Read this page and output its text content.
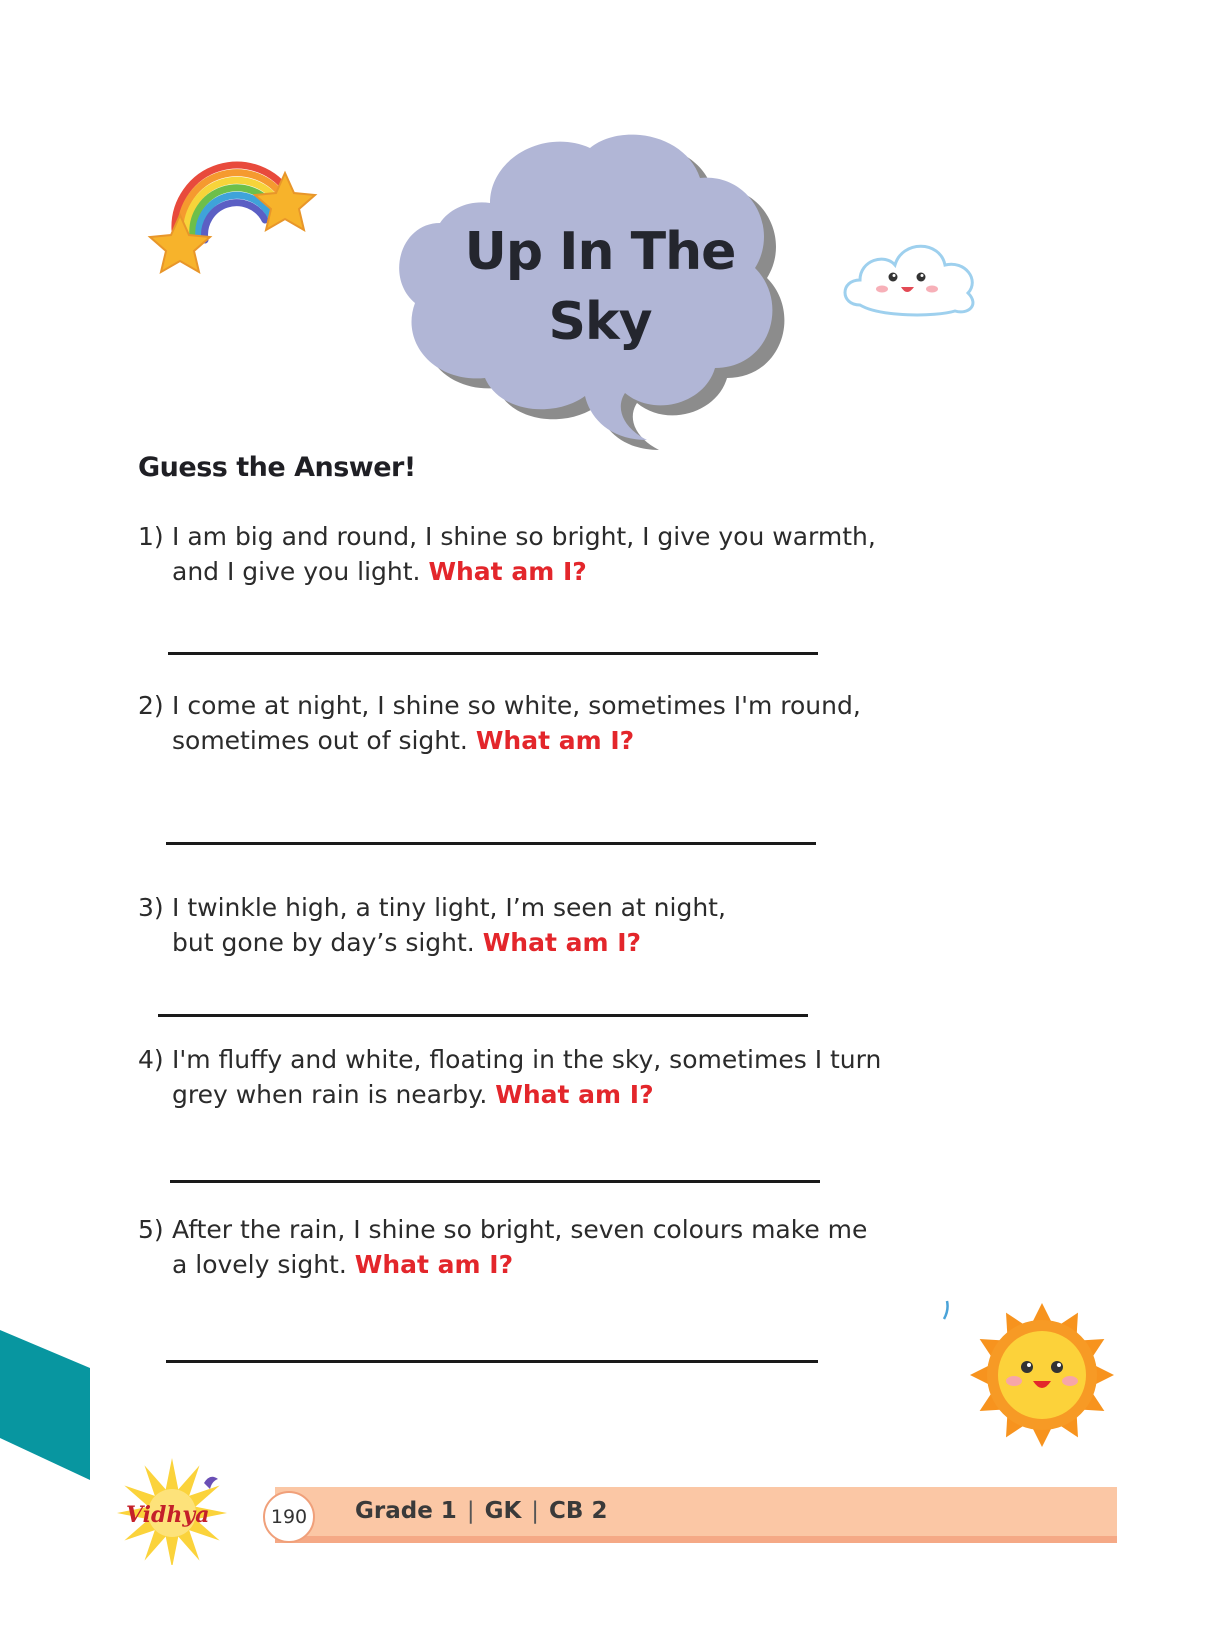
Up In The
Sky
Guess the Answer!
1) I am big and round, I shine so bright, I give you warmth,
and I give you light. What am I?
2) I come at night, I shine so white, sometimes I'm round,
sometimes out of sight. What am I?
3) I twinkle high, a tiny light, I’m seen at night,
but gone by day’s sight. What am I?
4) I'm fluffy and white, floating in the sky, sometimes I turn
grey when rain is nearby. What am I?
5) After the rain, I shine so bright, seven colours make me
a lovely sight. What am I?
Vidhya	190	Grade 1 | GK | CB 2
